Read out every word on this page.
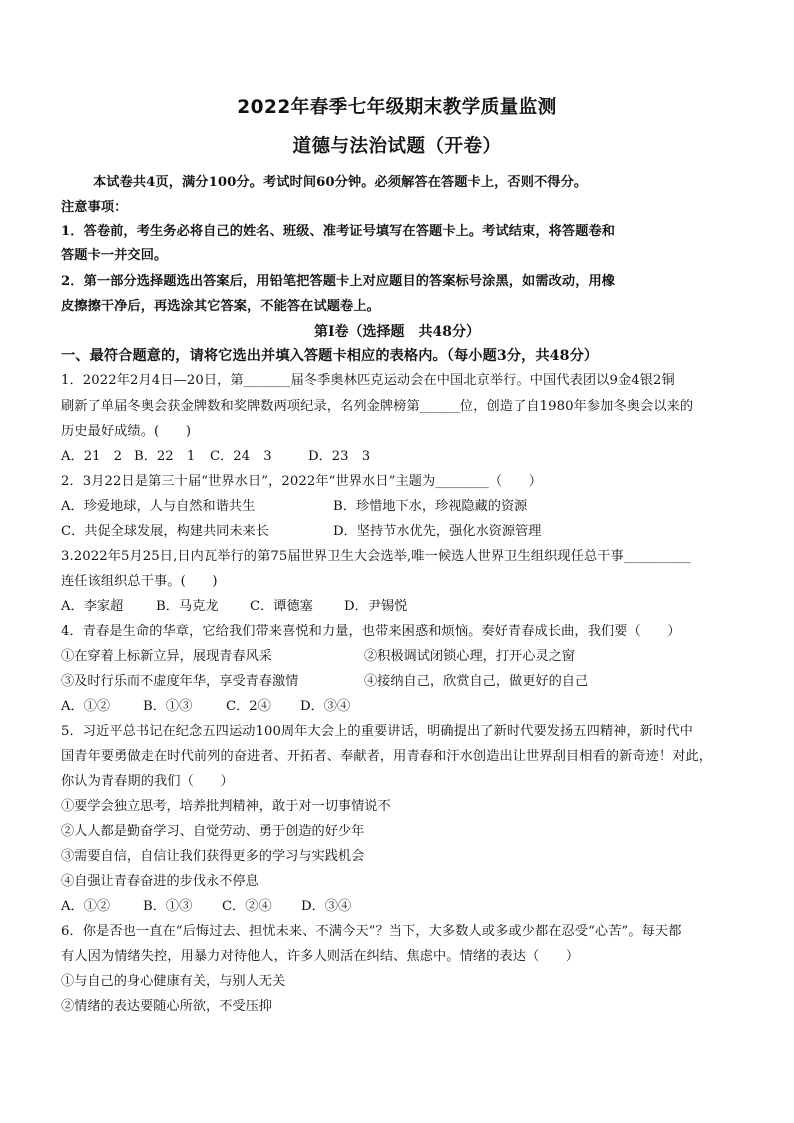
2022年春季七年级期末教学质量监测
道德与法治试题（开卷）
本试卷共4页，满分100分。考试时间60分钟。必须解答在答题卡上，否则不得分。
注意事项：
1．答卷前，考生务必将自己的姓名、班级、准考证号填写在答题卡上。考试结束，将答题卷和
答题卡一并交回。
2．第一部分选择题选出答案后，用铅笔把答题卡上对应题目的答案标号涂黑，如需改动，用橡
皮擦擦干净后，再选涂其它答案，不能答在试题卷上。
第Ⅰ卷（选择题　共48分）
一、最符合题意的，请将它选出并填入答题卡相应的表格内。（每小题3分，共48分）
1．2022年2月4日—20日，第_______届冬季奥林匹克运动会在中国北京举行。中国代表团以9金4银2铜
刷新了单届冬奥会获金牌数和奖牌数两项纪录，名列金牌榜第______位，创造了自1980年参加冬奥会以来的
历史最好成绩。(　　)
A．21　2 B．22　1 C．24　3	D．23　3
2．3月22日是第三十届“世界水日”，2022年“世界水日”主题为________（　　）
A．珍爱地球，人与自然和谐共生	B．珍惜地下水，珍视隐藏的资源
C．共促全球发展，构建共同未来长	D．坚持节水优先，强化水资源管理
3.2022年5月25日,日内瓦举行的第75届世界卫生大会选举,唯一候选人世界卫生组织现任总干事__________
连任该组织总干事。(　　)
A．李家超 B．马克龙 C．谭德塞 D．尹锡悦
4．青春是生命的华章，它给我们带来喜悦和力量，也带来困惑和烦恼。奏好青春成长曲，我们要（　　）
①在穿着上标新立异，展现青春风采	②积极调试闭锁心理，打开心灵之窗
③及时行乐而不虚度年华，享受青春激情	④接纳自己，欣赏自己，做更好的自己
A．①② B．①③	C．2④ D．③④
5．习近平总书记在纪念五四运动100周年大会上的重要讲话，明确提出了新时代要发扬五四精神，新时代中
国青年要勇做走在时代前列的奋进者、开拓者、奉献者，用青春和汗水创造出让世界刮目相看的新奇迹！对此，
你认为青春期的我们（　　）
①要学会独立思考，培养批判精神，敢于对一切事情说不
②人人都是勤奋学习、自觉劳动、勇于创造的好少年
③需要自信，自信让我们获得更多的学习与实践机会
④自强让青春奋进的步伐永不停息
A．①② B．①③ C．②④ D．③④
6．你是否也一直在“后悔过去、担忧未来、不满今天”？当下，大多数人或多或少都在忍受“心苦”。每天都
有人因为情绪失控，用暴力对待他人，许多人则活在纠结、焦虑中。情绪的表达（　　）
①与自己的身心健康有关，与别人无关
②情绪的表达要随心所欲，不受压抑
